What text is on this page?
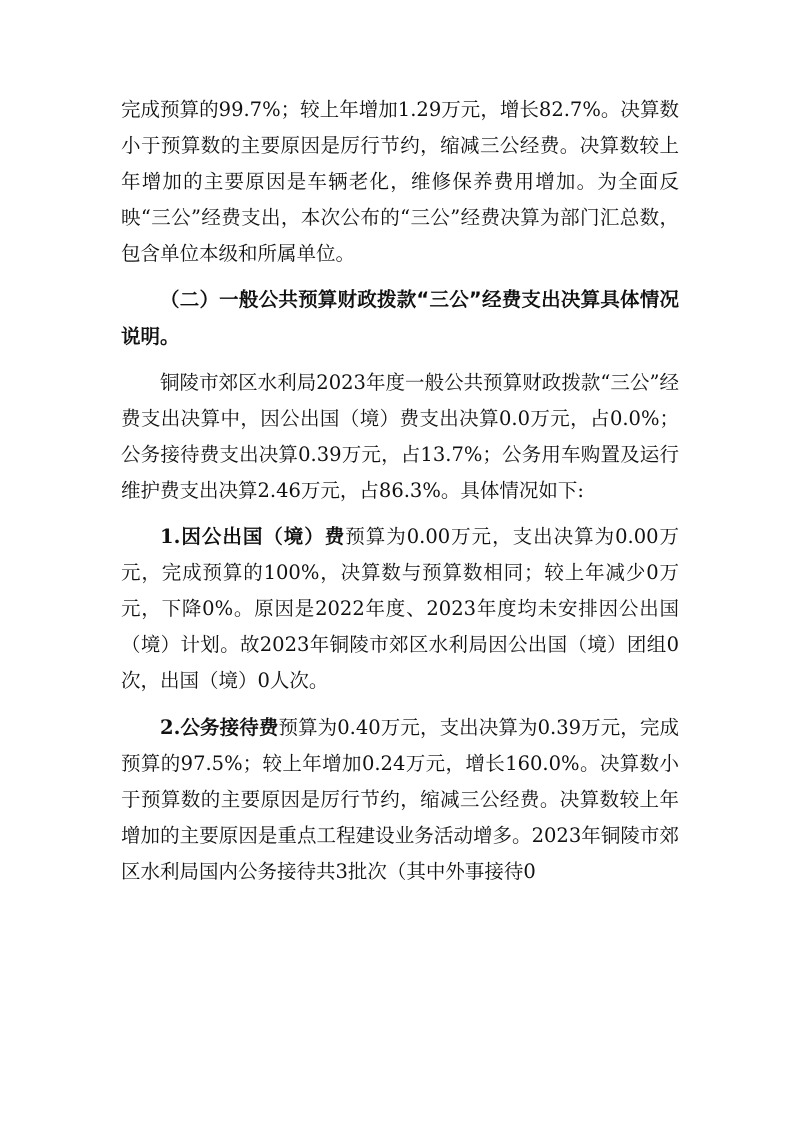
完成预算的99.7%；较上年增加1.29万元，增长82.7%。决算数小于预算数的主要原因是厉行节约，缩减三公经费。决算数较上年增加的主要原因是车辆老化，维修保养费用增加。为全面反映“三公”经费支出，本次公布的“三公”经费决算为部门汇总数，包含单位本级和所属单位。

（二）一般公共预算财政拨款“三公”经费支出决算具体情况说明。

铜陵市郊区水利局2023年度一般公共预算财政拨款“三公”经费支出决算中，因公出国（境）费支出决算0.0万元，占0.0%；公务接待费支出决算0.39万元，占13.7%；公务用车购置及运行维护费支出决算2.46万元，占86.3%。具体情况如下:

1.因公出国（境）费预算为0.00万元，支出决算为0.00万元，完成预算的100%，决算数与预算数相同；较上年减少0万元，下降0%。原因是2022年度、2023年度均未安排因公出国（境）计划。故2023年铜陵市郊区水利局因公出国（境）团组0次，出国（境）0人次。

2.公务接待费预算为0.40万元，支出决算为0.39万元，完成预算的97.5%；较上年增加0.24万元，增长160.0%。决算数小于预算数的主要原因是厉行节约，缩减三公经费。决算数较上年增加的主要原因是重点工程建设业务活动增多。2023年铜陵市郊区水利局国内公务接待共3批次（其中外事接待0
